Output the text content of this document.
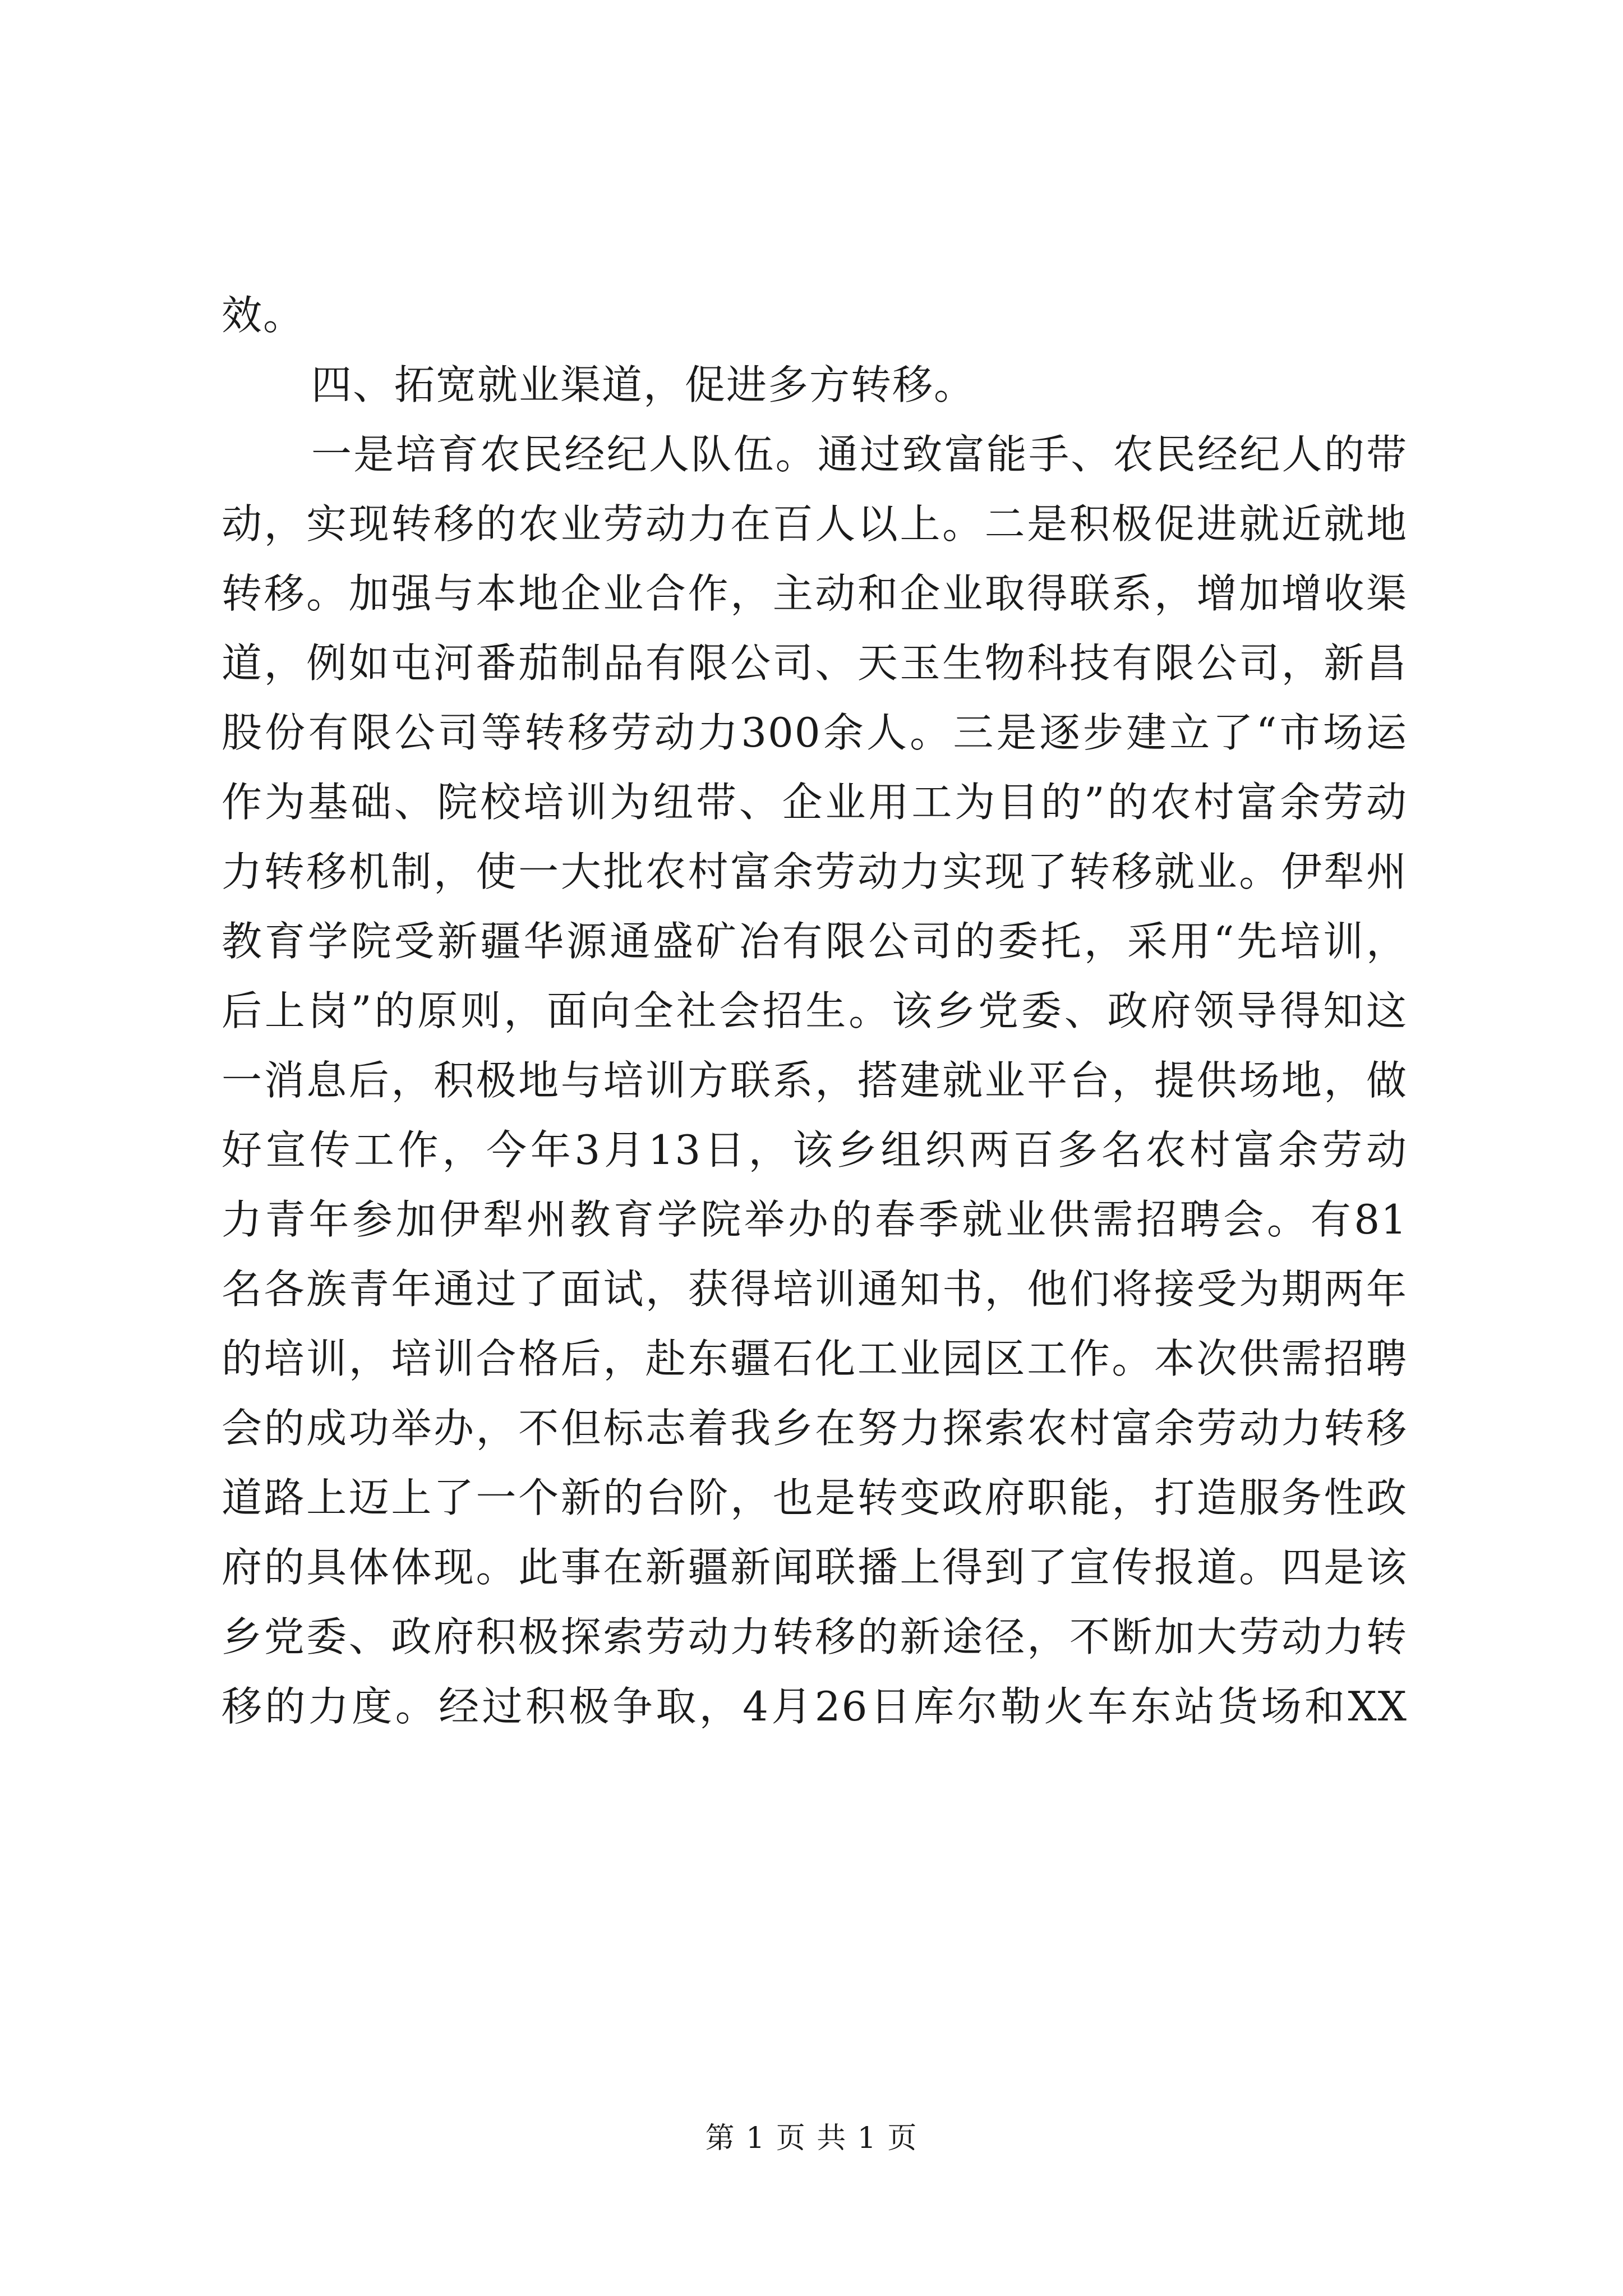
效。
四、拓宽就业渠道，促进多方转移。
一是培育农民经纪人队伍。通过致富能手、农民经纪人的带
动，实现转移的农业劳动力在百人以上。二是积极促进就近就地
转移。加强与本地企业合作，主动和企业取得联系，增加增收渠
道，例如屯河番茄制品有限公司、天玉生物科技有限公司，新昌
股份有限公司等转移劳动力300余人。三是逐步建立了“市场运
作为基础、院校培训为纽带、企业用工为目的”的农村富余劳动
力转移机制，使一大批农村富余劳动力实现了转移就业。伊犁州
教育学院受新疆华源通盛矿冶有限公司的委托，采用“先培训，
后上岗”的原则，面向全社会招生。该乡党委、政府领导得知这
一消息后，积极地与培训方联系，搭建就业平台，提供场地，做
好宣传工作，今年3月13日，该乡组织两百多名农村富余劳动
力青年参加伊犁州教育学院举办的春季就业供需招聘会。有81
名各族青年通过了面试，获得培训通知书，他们将接受为期两年
的培训，培训合格后，赴东疆石化工业园区工作。本次供需招聘
会的成功举办，不但标志着我乡在努力探索农村富余劳动力转移
道路上迈上了一个新的台阶，也是转变政府职能，打造服务性政
府的具体体现。此事在新疆新闻联播上得到了宣传报道。四是该
乡党委、政府积极探索劳动力转移的新途径，不断加大劳动力转
移的力度。经过积极争取，4月26日库尔勒火车东站货场和XX
第 1 页 共 1 页
